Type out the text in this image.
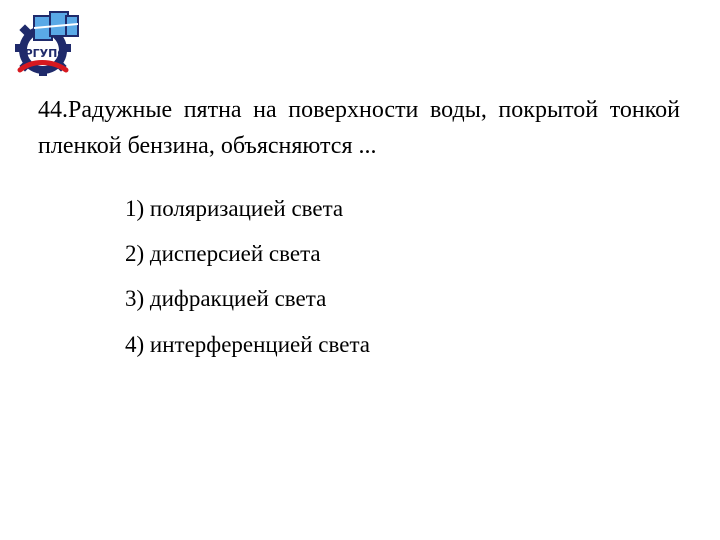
РГУПС
44.Радужные пятна на поверхности воды, покрытой тонкой пленкой бензина, объясняются ...
1) поляризацией света
2) дисперсией света
3) дифракцией света
4) интерференцией света
